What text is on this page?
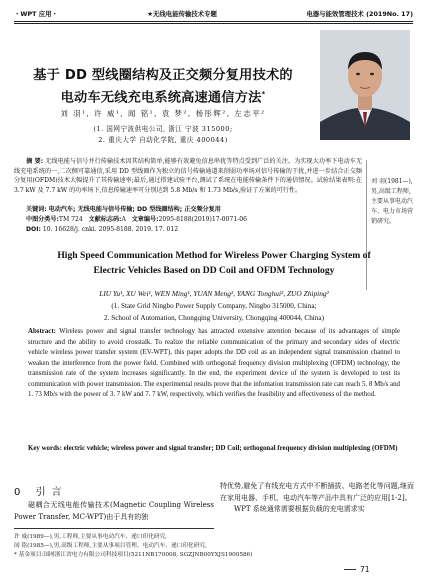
・WPT 应用・	★无线电能传输技术专题	电器与能效管理技术 (2019No. 17)
基于 DD 型线圈结构及正交频分复用技术的
电动车无线充电系统高速通信方法*
刘 羽¹, 许 威¹, 闻 铭¹, 袁 梦², 杨彤辉², 左志平²
(1. 国网宁波供电公司, 浙江 宁波 315000;
2. 重庆大学 自动化学院, 重庆 400044)
摘 要: 无线电能与信号并行传输技术因其结构简单,能够有效避免信息串扰等特点受到广泛的关注。为实现大功率下电动车无线充电系统的一,二次侧可靠通信,采用 DD 型线圈作为独立的信号传输通道来削弱功率场对信号传输的干扰,并进一步结合正交频分复用(OFDM)技术大幅提升了其传输速率;最后,通过搭建试验平台,测试了系统在电能传输条件下的通信情况。试验结果表明:在 3.7 kW 及 7.7 kW 的功率场下,信息传输速率可分别达到 5.8 Mb/s 和 1.73 Mb/s,验证了方案的可行性。
关键词: 电动汽车; 无线电能与信号传输; DD 型线圈结构; 正交频分复用
中图分类号:TM 724 文献标志码:A 文章编号:2095-8188(2019)17-0071-06
DOI: 10. 16628/j. cnki. 2095-8188. 2019. 17. 012
刘 羽(1981—),男,高级工程师,主要从事电动汽车、电力市场营销研究。
High Speed Communication Method for Wireless Power Charging System of
Electric Vehicles Based on DD Coil and OFDM Technology
LIU Yu¹, XU Wei¹, WEN Ming¹, YUAN Meng², YANG Tonghui², ZUO Zhiping²
(1. State Grid Ningbo Power Supply Company, Ningbo 315000, China;
2. School of Automation, Chongqing University, Chongqing 400044, China)
Abstract: Wireless power and signal transfer technology has attracted extensive attention because of its advantages of simple structure and the ability to avoid crosstalk. To realize the reliable communication of the primary and secondary sides of electric vehicle wireless power transfer system (EV-WPT), this paper adopts the DD coil as an independent signal transmission channel to weaken the interference from the power field. Combined with orthogonal frequency division multiplexing (OFDM) technology, the transmission rate of the system increases significantly. In the end, the experiment device of the system is developed to test its communication with power transmission. The experimental results prove that the infomation transmission rate can reach 5. 8 Mb/s and 1. 73 Mb/s with the power of 3. 7 kW and 7. 7 kW, respectively, which verifies the feasibility and effectiveness of the method.
Key words: electric vehicle; wireless power and signal transfer; DD Coil; orthogonal frequency division multiplexing (OFDM)
0 引言
磁耦合无线电能传输技术(Magnetic Coupling Wireless Power Transfer, MC-WPT)由于具有的独

特优势,避免了有线充电方式中不断插拔、电路老化等问题,继而在家用电器、手机、电动汽车等产品中具有广泛的应用[1-2]。

WPT 系统通常需要根据负载的充电需求实

许 威(1989—),男,工程师,主要从事电动汽车、递口印化研究。
闻 铭(1985—),男,高级工程师,主要从事项目管理、电动汽车、递口印化研究。
* 基金项目:国网浙江省电力有限公司科技项目(5211NB170008, SGZJNB00YXJS1900586)
71
